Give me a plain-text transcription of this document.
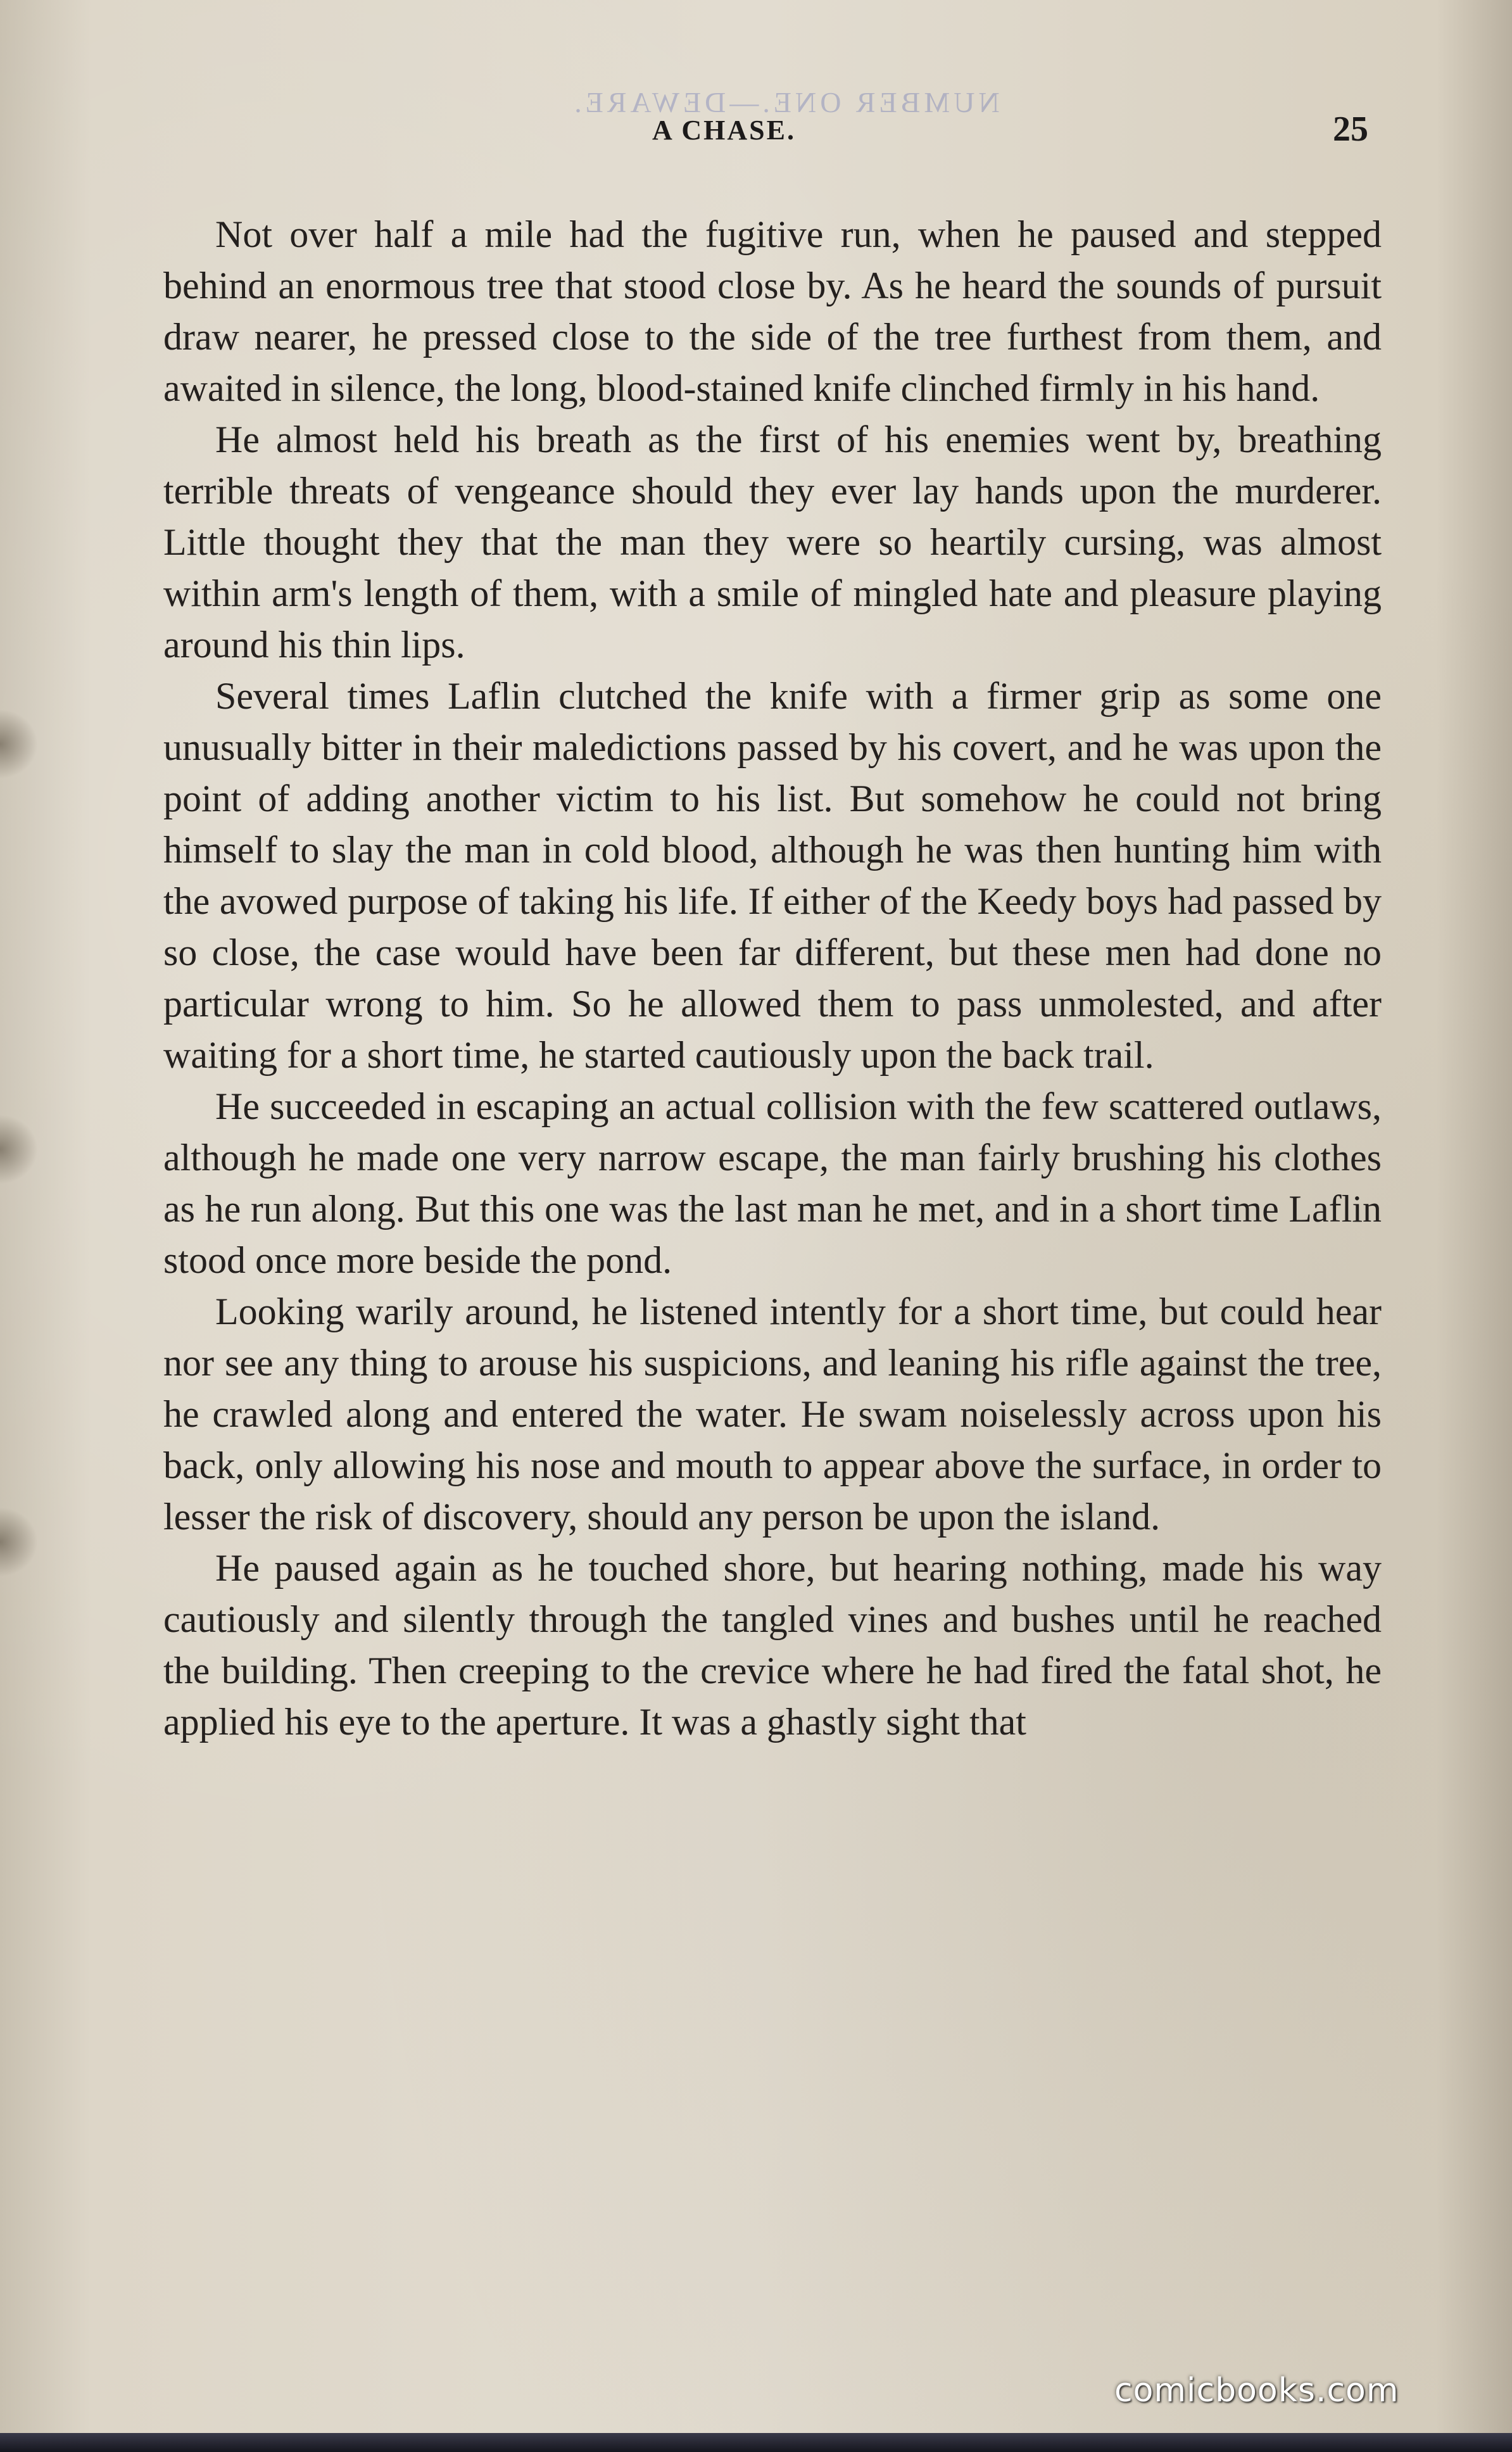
NUMBER ONE.—DEWARE.
A CHASE.	25

Not over half a mile had the fugitive run, when he paused and stepped behind an enormous tree that stood close by. As he heard the sounds of pursuit draw nearer, he pressed close to the side of the tree furthest from them, and awaited in silence, the long, blood-stained knife clinched firmly in his hand.

He almost held his breath as the first of his enemies went by, breathing terrible threats of vengeance should they ever lay hands upon the murderer. Little thought they that the man they were so heartily cursing, was almost within arm's length of them, with a smile of mingled hate and pleasure playing around his thin lips.

Several times Laflin clutched the knife with a firmer grip as some one unusually bitter in their maledictions passed by his covert, and he was upon the point of adding another victim to his list. But somehow he could not bring himself to slay the man in cold blood, although he was then hunting him with the avowed purpose of taking his life. If either of the Keedy boys had passed by so close, the case would have been far different, but these men had done no particular wrong to him. So he allowed them to pass unmolested, and after waiting for a short time, he started cautiously upon the back trail.

He succeeded in escaping an actual collision with the few scattered outlaws, although he made one very narrow escape, the man fairly brushing his clothes as he run along. But this one was the last man he met, and in a short time Laflin stood once more beside the pond.

Looking warily around, he listened intently for a short time, but could hear nor see any thing to arouse his suspicions, and leaning his rifle against the tree, he crawled along and entered the water. He swam noiselessly across upon his back, only allowing his nose and mouth to appear above the surface, in order to lesser the risk of discovery, should any person be upon the island.

He paused again as he touched shore, but hearing nothing, made his way cautiously and silently through the tangled vines and bushes until he reached the building. Then creeping to the crevice where he had fired the fatal shot, he applied his eye to the aperture. It was a ghastly sight that

comicbooks.com
